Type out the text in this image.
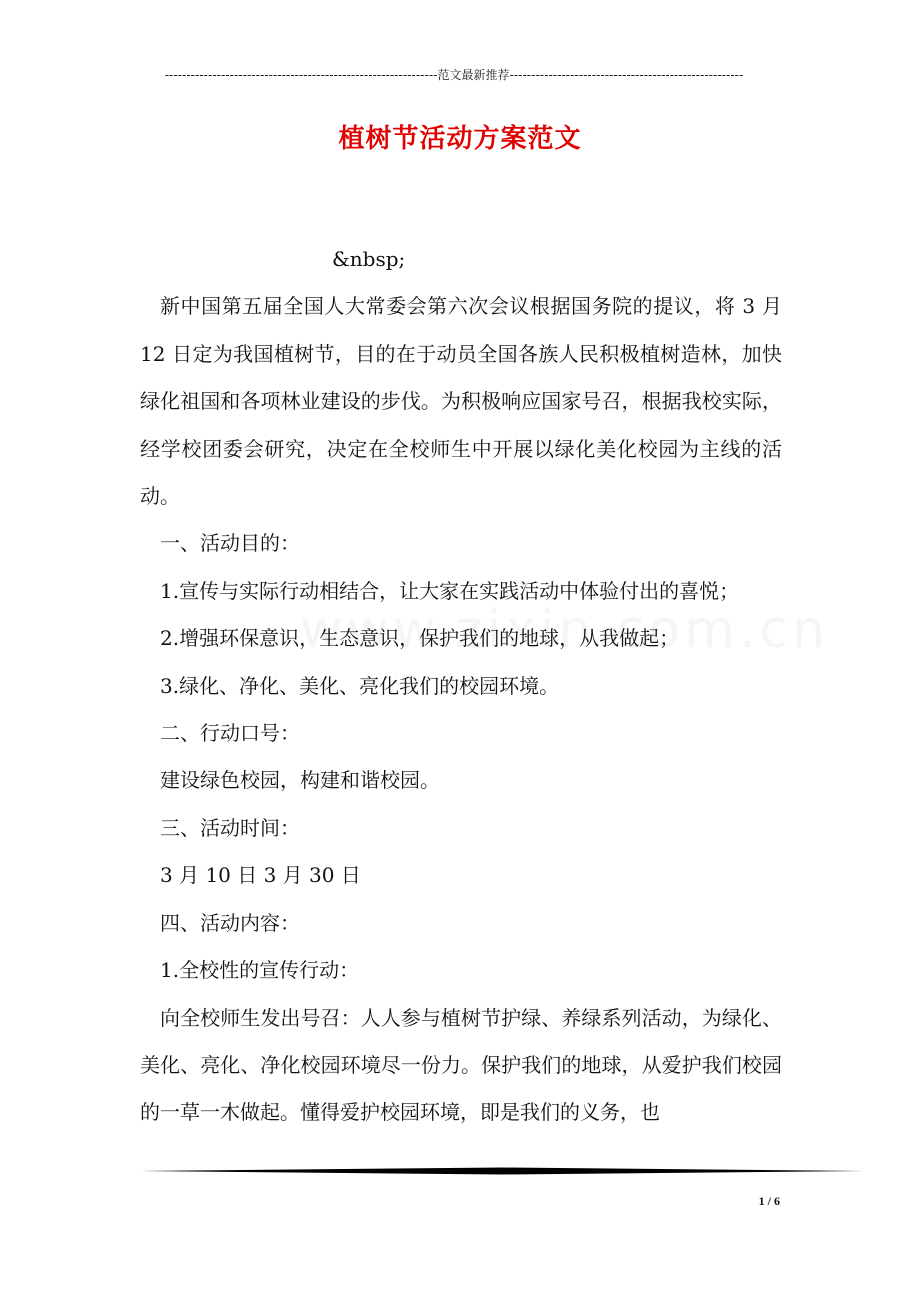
---------------------------------------------------------------范文最新推荐------------------------------------------------------
植树节活动方案范文

&nbsp;

新中国第五届全国人大常委会第六次会议根据国务院的提议，将 3 月 12 日定为我国植树节，目的在于动员全国各族人民积极植树造林，加快绿化祖国和各项林业建设的步伐。为积极响应国家号召，根据我校实际，经学校团委会研究，决定在全校师生中开展以绿化美化校园为主线的活动。

一、活动目的：

1.宣传与实际行动相结合，让大家在实践活动中体验付出的喜悦；

2.增强环保意识，生态意识，保护我们的地球，从我做起；

3.绿化、净化、美化、亮化我们的校园环境。

二、行动口号：

建设绿色校园，构建和谐校园。

三、活动时间：

3 月 10 日 3 月 30 日

四、活动内容：

1.全校性的宣传行动：

向全校师生发出号召：人人参与植树节护绿、养绿系列活动，为绿化、美化、亮化、净化校园环境尽一份力。保护我们的地球，从爱护我们校园的一草一木做起。懂得爱护校园环境，即是我们的义务，也

1 / 6
